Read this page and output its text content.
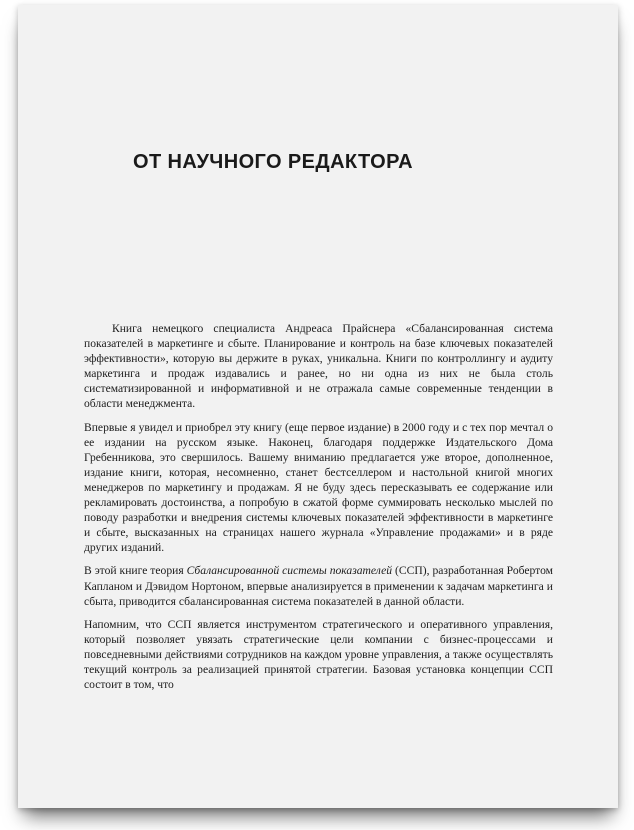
ОТ НАУЧНОГО РЕДАКТОРА

Книга немецкого специалиста Андреаса Прайснера «Сбалансированная система показателей в маркетинге и сбыте. Планирование и контроль на базе ключевых показателей эффективности», которую вы держите в руках, уникальна. Книги по контроллингу и аудиту маркетинга и продаж издавались и ранее, но ни одна из них не была столь систематизированной и информативной и не отражала самые современные тенденции в области менеджмента.

Впервые я увидел и приобрел эту книгу (еще первое издание) в 2000 году и с тех пор мечтал о ее издании на русском языке. Наконец, благодаря поддержке Издательского Дома Гребенникова, это свершилось. Вашему вниманию предлагается уже второе, дополненное, издание книги, которая, несомненно, станет бестселлером и настольной книгой многих менеджеров по маркетингу и продажам. Я не буду здесь пересказывать ее содержание или рекламировать достоинства, а попробую в сжатой форме суммировать несколько мыслей по поводу разработки и внедрения системы ключевых показателей эффективности в маркетинге и сбыте, высказанных на страницах нашего журнала «Управление продажами» и в ряде других изданий.

В этой книге теория Сбалансированной системы показателей (ССП), разработанная Робертом Капланом и Дэвидом Нортоном, впервые анализируется в применении к задачам маркетинга и сбыта, приводится сбалансированная система показателей в данной области.

Напомним, что ССП является инструментом стратегического и оперативного управления, который позволяет увязать стратегические цели компании с бизнес-процессами и повседневными действиями сотрудников на каждом уровне управления, а также осуществлять текущий контроль за реализацией принятой стратегии. Базовая установка концепции ССП состоит в том, что
